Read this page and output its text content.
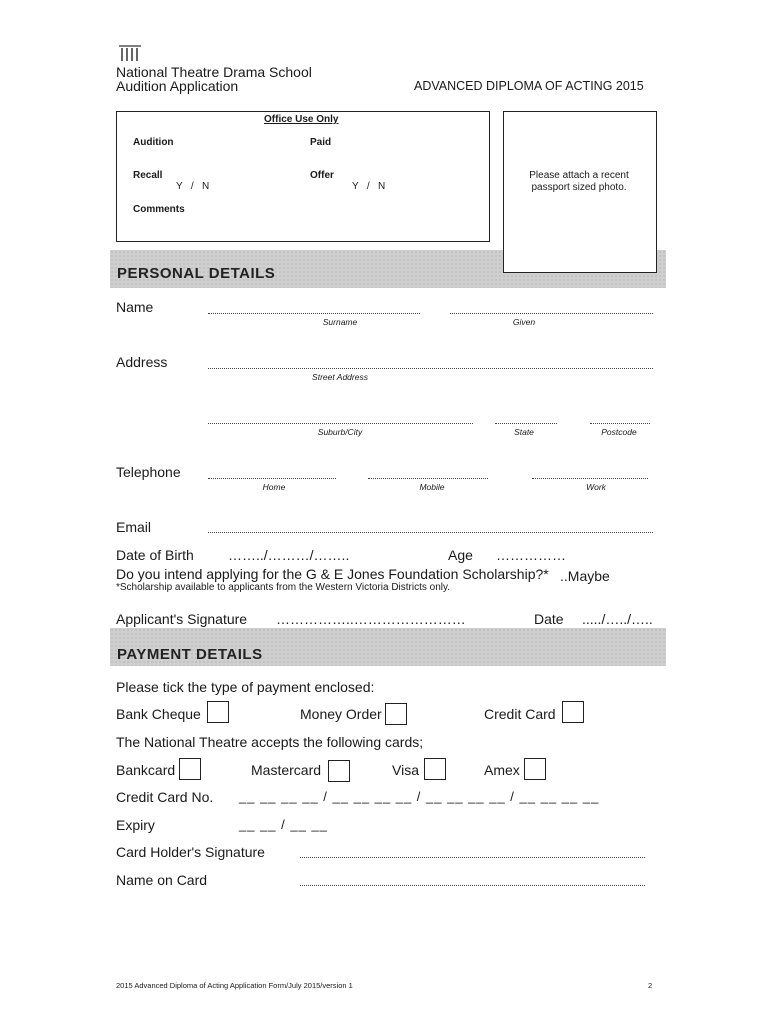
National Theatre Drama School
Audition Application	ADVANCED DIPLOMA OF ACTING 2015
Office Use Only
Audition	Paid
Recall
Y   /   N
Offer
Y   /   N
Comments
Please attach a recent passport sized photo.
PERSONAL DETAILS
Name
Surname	Given
Address
Street Address
Suburb/City	State	Postcode
Telephone
Home	Mobile	Work
Email
Date of Birth ……../………/……..	Age ……………
Do you intend applying for the G & E Jones Foundation Scholarship?* ..Maybe
*Scholarship available to applicants from the Western Victoria Districts only.
Applicant's Signature ……………..……………………	Date ...../…../…..
PAYMENT DETAILS
Please tick the type of payment enclosed:
Bank Cheque	Money Order	Credit Card
The National Theatre accepts the following cards;
Bankcard	Mastercard	Visa	Amex
Credit Card No. __ __ __ __ / __ __ __ __ / __ __ __ __ / __ __ __ __
Expiry	__ __ / __ __
Card Holder's Signature
Name on Card
2015 Advanced Diploma of Acting Application Form/July 2015/version 1	2
